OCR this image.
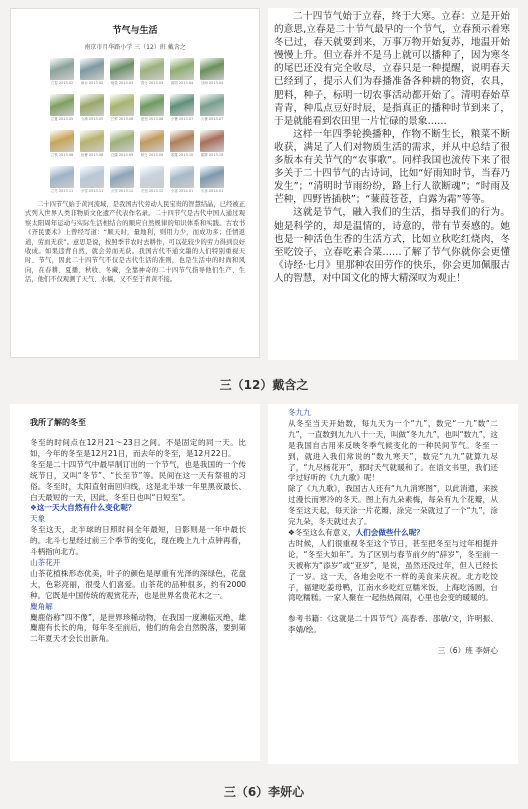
节气与生活
南京市月华路小学 三（12）班 戴含之
立春 2013.02 雨水 2013.02 惊蛰 2013.03 春分 2013.03 清明 2013.04 谷雨 2013.04
立夏 2013.05 小满 2013.05 芒种 2013.06 夏至 2013.06 小暑 2013.07 大暑 2013.07
立秋 2013.08 处暑 2013.08 白露 2013.09 秋分 2013.09 寒露 2013.10 霜降 2013.10
立冬 2013.11 小雪 2013.11 大雪 2013.12 冬至 2013.12 小寒 2014.01 大寒 2014.01
二十四节气始于黄河流域，是我国古代劳动人民宝贵的智慧结晶，已经被正式列入世界人类非物质文化遗产代表作名录。二十四节气是古代中国人通过观察太阳周年运动与实际生活相结合的顺应自然规律的知识体系和实践。古农书《齐民要术》上曾经写道：“顺天时，量地利，则用力少，而成功多；任情返道，劳而无获”。意思是说，按照季节农时去耕作，可以花较少的劳力得到良好收成。如果违背自然，就会劳而无获。我国古代不通文墨的人们特别重视天时、节气，因此二十四节气不仅是古代生活的准则，也是生活中的时尚和风向，在春耕、夏播、秋收、冬藏，全靠神奇的二十四节气指导他们生产、生活，他们不仅观测了天气、水稿，又不至于青黄不接。

二十四节气始于立春，终于大寒。立春：立是开始的意思,立春是二十节气最早的一个节气，立春预示着寒冬已过，春天就要到来，万事万物开始复苏，地温开始慢慢上升。但立春并不是马上就可以播种了，因为寒冬的尾巴还没有完全收尽，立春只是一种提醒，说明春天已经到了，提示人们为春播准备各种耕的物资，农具，肥料，种子，标明一切农事活动都开始了。清明春始草青青，种瓜点豆好时辰，是指真正的播种时节到来了，于是就能看到农田里一片忙碌的景象……

这样一年四季轮换播种，作物不断生长，粮菜不断收获，满足了人们对物质生活的需求，并从中总结了很多版本有关节气的“农事歌”。同样我国也流传下来了很多关于二十四节气的古诗词，比如“好雨知时节，当春乃发生”；“清明时节雨纷纷，路上行人欲断魂”；“时雨及芒种，四野皆插秧”；“蒹葭苍苍，白露为霜”等等。

这就是节气，融入我们的生活，指导我们的行为。她是科学的，却是温情的，诗意的，带有节奏感的。她也是一种活色生香的生活方式，比如立秋吃红烧肉，冬至吃饺子，立春吃素合菜……了解了节气你就你会更懂《诗经·七月》里那种农田劳作的快乐，你会更加佩服古人的智慧，对中国文化的博大精深叹为观止！

三（12）戴含之
我所了解的冬至

冬至的时间点在12月21～23日之间。不是固定的同一天。比如，今年的冬至是12月21日，而去年的冬至，是12月22日。

冬至是二十四节气中最早制订出的一个节气，也是我国的一个传统节日，又叫“冬节”、“长至节”等。民间在这一天有祭祖的习俗。冬至时，太阳直射南回归线，这是北半球一年里黑夜最长、白天最短的一天，因此，冬至日也叫“日短至”。

❖这一天大自然有什么变化呢？

天象

冬至这天，北半球的日照时间全年最短，日影则是一年中最长的。北斗七星经过前三个季节的变化，现在晚上九十点钟再看，斗柄指向北方。

山茶花开

山茶花植株形态优美，叶子的颜色是厚重有光泽的深绿色，花盘大，色彩亮丽，很受人们喜爱。山茶花的品种很多，约有2000种。它既是中国传统的观赏花卉，也是世界名贵花木之一。

麋角解

麋鹿俗称“四不像”，是世界珍稀动物，在我国一度濒临灭绝，雄麋鹿有长长的角，每年冬至前后，他们的角会自然脱落，要到第二年夏天才会长出新角。

冬九九

从冬至当天开始数，每九天为一个“九”，数完“一九”数“二九”，一直数到九九八十一天，叫做“冬九九”，也叫“数九”，这是我国自古用来反映冬季气候变化的一种民间节气。冬至一到，就进入我们常说的“数九寒天”，数完“九九”就算九尽了，“九尽杨花开”，那时天气就暖和了。在语文书里，我们还学过好听的《九九歌》呢！

除了《九九歌》，我国古人还有“九九消寒图”，以此消遣，来挨过漫长而寒冷的冬天。图上有九朵素梅，每朵有九个花瓣，从冬至这天起，每天涂一片花瓣，涂完一朵就过了一个“九”，涂完九朵，冬天就过去了。

❖冬至这么有意义，人们会做些什么呢？

古时候，人们很重视冬至这个节日，甚至把冬至与过年相提并论，“冬至大如年”。为了区别与春节前夕的“辞岁”，冬至前一天被称为“添岁”或“亚岁”，是说，虽然还没过年，但人已经长了一岁。这一天，各地会吃不一样的美食来庆祝。北方吃饺子，福建吃姜母鸭，江南水乡吃红豆糯米饭，上海吃汤圆，台湾吃糯糕。一家人聚在一起热热闹闹，心里也会变的暖暖的。

参考书籍：《这就是二十四节气》高春香、邵敏/文，许明振、李婧/绘。

三（6）班 李妍心

三（6）李妍心
